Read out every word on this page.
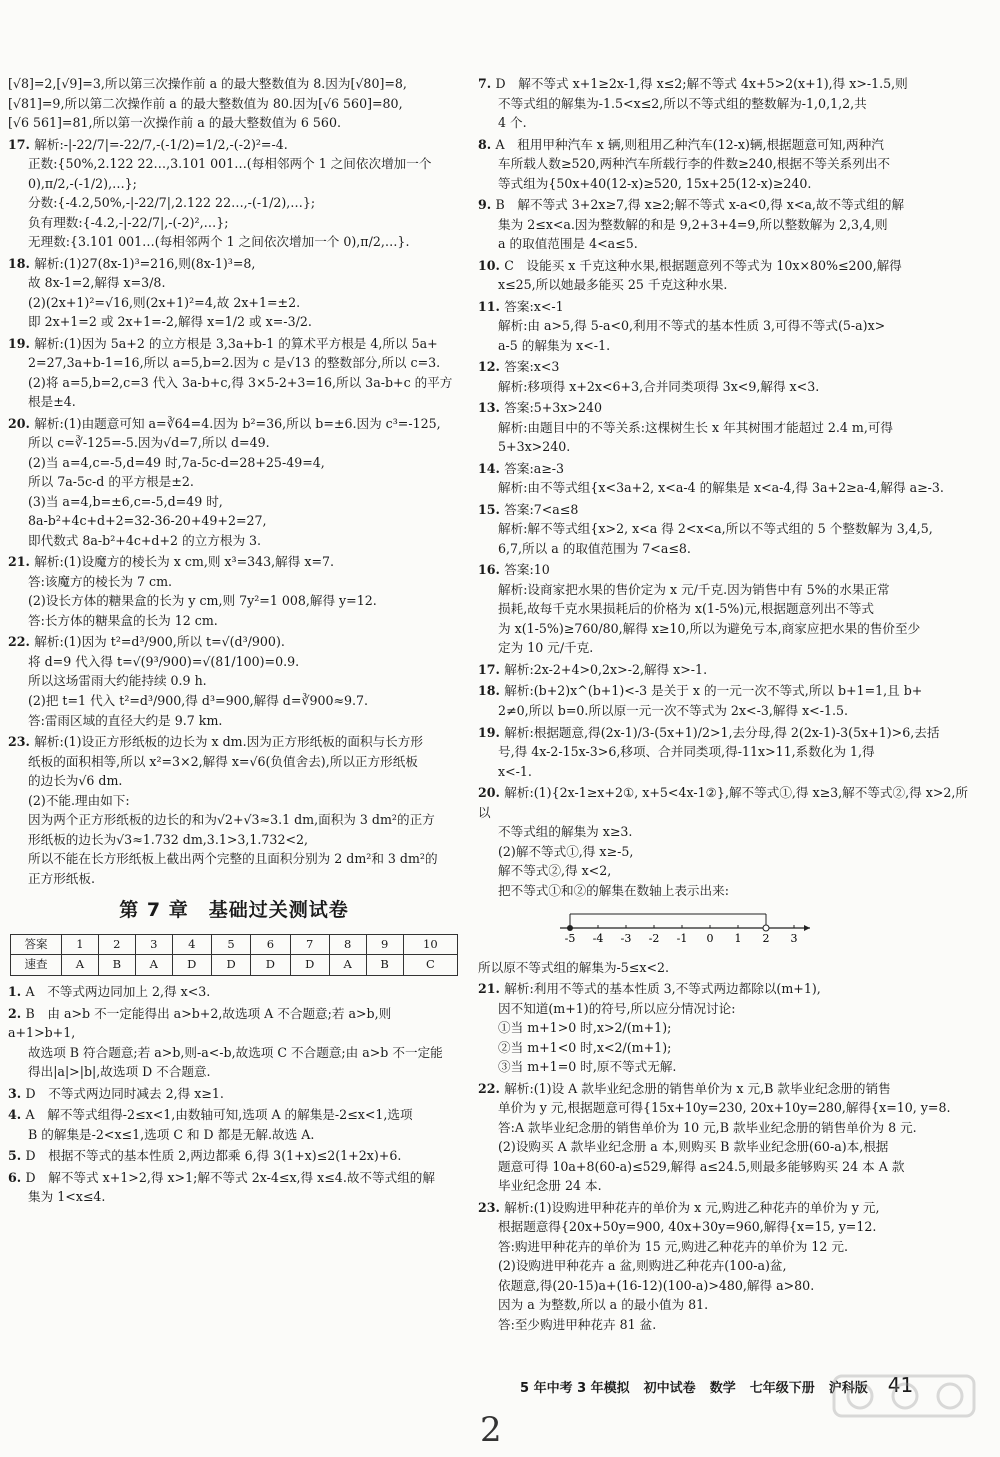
[√8]=2,[√9]=3,所以第三次操作前 a 的最大整数值为 8.因为[√80]=8,
[√81]=9,所以第二次操作前 a 的最大整数值为 80.因为[√6 560]=80,
[√6 561]=81,所以第一次操作前 a 的最大整数值为 6 560.
17. 解析:-|-22/7|=-22/7,-(-1/2)=1/2,-(-2)²=-4.
正数:{50%,2.122 22…,3.101 001…(每相邻两个 1 之间依次增加一个
0),π/2,-(-1/2),…};
分数:{-4.2,50%,-|-22/7|,2.122 22…,-(-1/2),…};
负有理数:{-4.2,-|-22/7|,-(-2)²,…};
无理数:{3.101 001…(每相邻两个 1 之间依次增加一个 0),π/2,…}.
18. 解析:(1)27(8x-1)³=216,则(8x-1)³=8,
故 8x-1=2,解得 x=3/8.
(2)(2x+1)²=√16,则(2x+1)²=4,故 2x+1=±2.
即 2x+1=2 或 2x+1=-2,解得 x=1/2 或 x=-3/2.
19. 解析:(1)因为 5a+2 的立方根是 3,3a+b-1 的算术平方根是 4,所以 5a+
2=27,3a+b-1=16,所以 a=5,b=2.因为 c 是√13 的整数部分,所以 c=3.
(2)将 a=5,b=2,c=3 代入 3a-b+c,得 3×5-2+3=16,所以 3a-b+c 的平方
根是±4.
20. 解析:(1)由题意可知 a=∛64=4.因为 b²=36,所以 b=±6.因为 c³=-125,
所以 c=∛-125=-5.因为√d=7,所以 d=49.
(2)当 a=4,c=-5,d=49 时,7a-5c-d=28+25-49=4,
所以 7a-5c-d 的平方根是±2.
(3)当 a=4,b=±6,c=-5,d=49 时,
8a-b²+4c+d+2=32-36-20+49+2=27,
即代数式 8a-b²+4c+d+2 的立方根为 3.
21. 解析:(1)设魔方的棱长为 x cm,则 x³=343,解得 x=7.
答:该魔方的棱长为 7 cm.
(2)设长方体的糖果盒的长为 y cm,则 7y²=1 008,解得 y=12.
答:长方体的糖果盒的长为 12 cm.
22. 解析:(1)因为 t²=d³/900,所以 t=√(d³/900).
将 d=9 代入得 t=√(9³/900)=√(81/100)=0.9.
所以这场雷雨大约能持续 0.9 h.
(2)把 t=1 代入 t²=d³/900,得 d³=900,解得 d=∛900≈9.7.
答:雷雨区域的直径大约是 9.7 km.
23. 解析:(1)设正方形纸板的边长为 x dm.因为正方形纸板的面积与长方形
纸板的面积相等,所以 x²=3×2,解得 x=√6(负值舍去),所以正方形纸板
的边长为√6 dm.
(2)不能.理由如下:
因为两个正方形纸板的边长的和为√2+√3≈3.1 dm,面积为 3 dm²的正方
形纸板的边长为√3≈1.732 dm,3.1>3,1.732<2,
所以不能在长方形纸板上截出两个完整的且面积分别为 2 dm²和 3 dm²的
正方形纸板.
第 7 章　基础过关测试卷
答案	1	2	3	4	5	6	7	8	9	10
速查	A	B	A	D	D	D	D	A	B	C
1. A　不等式两边同加上 2,得 x<3.
2. B　由 a>b 不一定能得出 a>b+2,故选项 A 不合题意;若 a>b,则 a+1>b+1,
故选项 B 符合题意;若 a>b,则-a<-b,故选项 C 不合题意;由 a>b 不一定能
得出|a|>|b|,故选项 D 不合题意.
3. D　不等式两边同时减去 2,得 x≥1.
4. A　解不等式组得-2≤x<1,由数轴可知,选项 A 的解集是-2≤x<1,选项
B 的解集是-2<x≤1,选项 C 和 D 都是无解.故选 A.
5. D　根据不等式的基本性质 2,两边都乘 6,得 3(1+x)≤2(1+2x)+6.
6. D　解不等式 x+1>2,得 x>1;解不等式 2x-4≤x,得 x≤4.故不等式组的解
集为 1<x≤4.
7. D　解不等式 x+1≥2x-1,得 x≤2;解不等式 4x+5>2(x+1),得 x>-1.5,则
不等式组的解集为-1.5<x≤2,所以不等式组的整数解为-1,0,1,2,共
4 个.
8. A　租用甲种汽车 x 辆,则租用乙种汽车(12-x)辆,根据题意可知,两种汽
车所载人数≥520,两种汽车所载行李的件数≥240,根据不等关系列出不
等式组为{50x+40(12-x)≥520, 15x+25(12-x)≥240.
9. B　解不等式 3+2x≥7,得 x≥2;解不等式 x-a<0,得 x<a,故不等式组的解
集为 2≤x<a.因为整数解的和是 9,2+3+4=9,所以整数解为 2,3,4,则
a 的取值范围是 4<a≤5.
10. C　设能买 x 千克这种水果,根据题意列不等式为 10x×80%≤200,解得
x≤25,所以她最多能买 25 千克这种水果.
11. 答案:x<-1
解析:由 a>5,得 5-a<0,利用不等式的基本性质 3,可得不等式(5-a)x>
a-5 的解集为 x<-1.
12. 答案:x<3
解析:移项得 x+2x<6+3,合并同类项得 3x<9,解得 x<3.
13. 答案:5+3x>240
解析:由题目中的不等关系:这棵树生长 x 年其树围才能超过 2.4 m,可得
5+3x>240.
14. 答案:a≥-3
解析:由不等式组{x<3a+2, x<a-4 的解集是 x<a-4,得 3a+2≥a-4,解得 a≥-3.
15. 答案:7<a≤8
解析:解不等式组{x>2, x<a 得 2<x<a,所以不等式组的 5 个整数解为 3,4,5,
6,7,所以 a 的取值范围为 7<a≤8.
16. 答案:10
解析:设商家把水果的售价定为 x 元/千克.因为销售中有 5%的水果正常
损耗,故每千克水果损耗后的价格为 x(1-5%)元,根据题意列出不等式
为 x(1-5%)≥760/80,解得 x≥10,所以为避免亏本,商家应把水果的售价至少
定为 10 元/千克.
17. 解析:2x-2+4>0,2x>-2,解得 x>-1.
18. 解析:(b+2)x^(b+1)<-3 是关于 x 的一元一次不等式,所以 b+1=1,且 b+
2≠0,所以 b=0.所以原一元一次不等式为 2x<-3,解得 x<-1.5.
19. 解析:根据题意,得(2x-1)/3-(5x+1)/2>1,去分母,得 2(2x-1)-3(5x+1)>6,去括
号,得 4x-2-15x-3>6,移项、合并同类项,得-11x>11,系数化为 1,得
x<-1.
20. 解析:(1){2x-1≥x+2①, x+5<4x-1②},解不等式①,得 x≥3,解不等式②,得 x>2,所以
不等式组的解集为 x≥3.
(2)解不等式①,得 x≥-5,
解不等式②,得 x<2,
把不等式①和②的解集在数轴上表示出来:
-5 -4 -3 -2 -1 0 1 2 3
所以原不等式组的解集为-5≤x<2.
21. 解析:利用不等式的基本性质 3,不等式两边都除以(m+1),
因不知道(m+1)的符号,所以应分情况讨论:
①当 m+1>0 时,x>2/(m+1);
②当 m+1<0 时,x<2/(m+1);
③当 m+1=0 时,原不等式无解.
22. 解析:(1)设 A 款毕业纪念册的销售单价为 x 元,B 款毕业纪念册的销售
单价为 y 元,根据题意可得{15x+10y=230, 20x+10y=280,解得{x=10, y=8.
答:A 款毕业纪念册的销售单价为 10 元,B 款毕业纪念册的销售单价为 8 元.
(2)设购买 A 款毕业纪念册 a 本,则购买 B 款毕业纪念册(60-a)本,根据
题意可得 10a+8(60-a)≤529,解得 a≤24.5,则最多能够购买 24 本 A 款
毕业纪念册 24 本.
23. 解析:(1)设购进甲种花卉的单价为 x 元,购进乙种花卉的单价为 y 元,
根据题意得{20x+50y=900, 40x+30y=960,解得{x=15, y=12.
答:购进甲种花卉的单价为 15 元,购进乙种花卉的单价为 12 元.
(2)设购进甲种花卉 a 盆,则购进乙种花卉(100-a)盆,
依题意,得(20-15)a+(16-12)(100-a)>480,解得 a>80.
因为 a 为整数,所以 a 的最小值为 81.
答:至少购进甲种花卉 81 盆.
5 年中考 3 年模拟 初中试卷 数学 七年级下册 沪科版 41
2
